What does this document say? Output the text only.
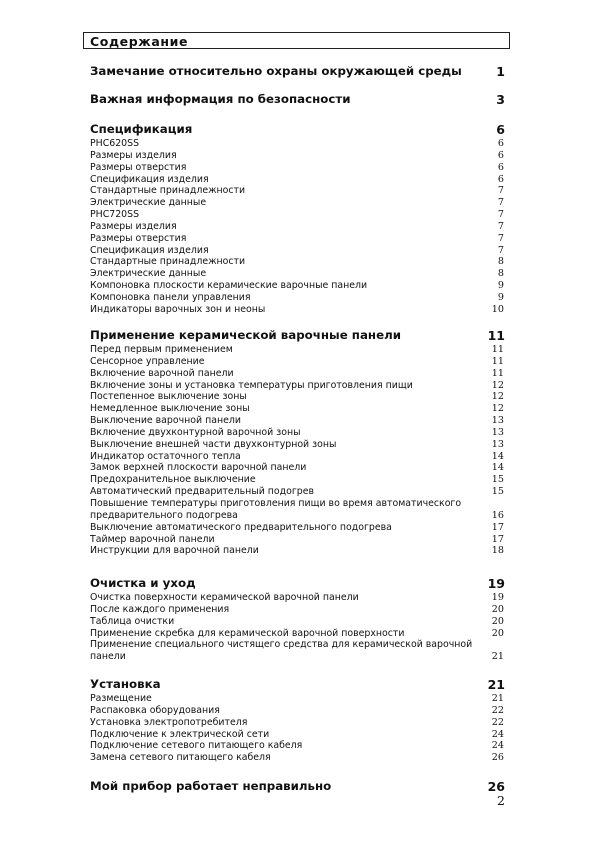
Содержание
Замечание относительно охраны окружающей среды	1
Важная информация по безопасности	3
Спецификация	6
PHC620SS	6
Размеры изделия	6
Размеры отверстия	6
Спецификация изделия	6
Стандартные принадлежности	7
Электрические данные	7
PHC720SS	7
Размеры изделия	7
Размеры отверстия	7
Спецификация изделия	7
Стандартные принадлежности	8
Электрические данные	8
Компоновка плоскости керамические варочные панели	9
Компоновка панели управления	9
Индикаторы варочных зон и неоны	10
Применение керамической варочные панели	11
Перед первым применением	11
Сенсорное управление	11
Включение варочной панели	11
Включение зоны и установка температуры приготовления пищи	12
Постепенное выключение зоны	12
Немедленное выключение зоны	12
Выключение варочной панели	13
Включение двухконтурной варочной зоны	13
Выключение внешней части двухконтурной зоны	13
Индикатор остаточного тепла	14
Замок верхней плоскости варочной панели	14
Предохранительное выключение	15
Автоматический предварительный подогрев	15
Повышение температуры приготовления пищи во время автоматического предварительного подогрева	16
Выключение автоматического предварительного подогрева	17
Таймер варочной панели	17
Инструкции для варочной панели	18
Очистка и уход	19
Очистка поверхности керамической варочной панели	19
После каждого применения	20
Таблица очистки	20
Применение скребка для керамической варочной поверхности	20
Применение специального чистящего средства для керамической варочной панели	21
Установка	21
Размещение	21
Распаковка оборудования	22
Установка электропотребителя	22
Подключение к электрической сети	24
Подключение сетевого питающего кабеля	24
Замена сетевого питающего кабеля	26
Мой прибор работает неправильно	26
2
